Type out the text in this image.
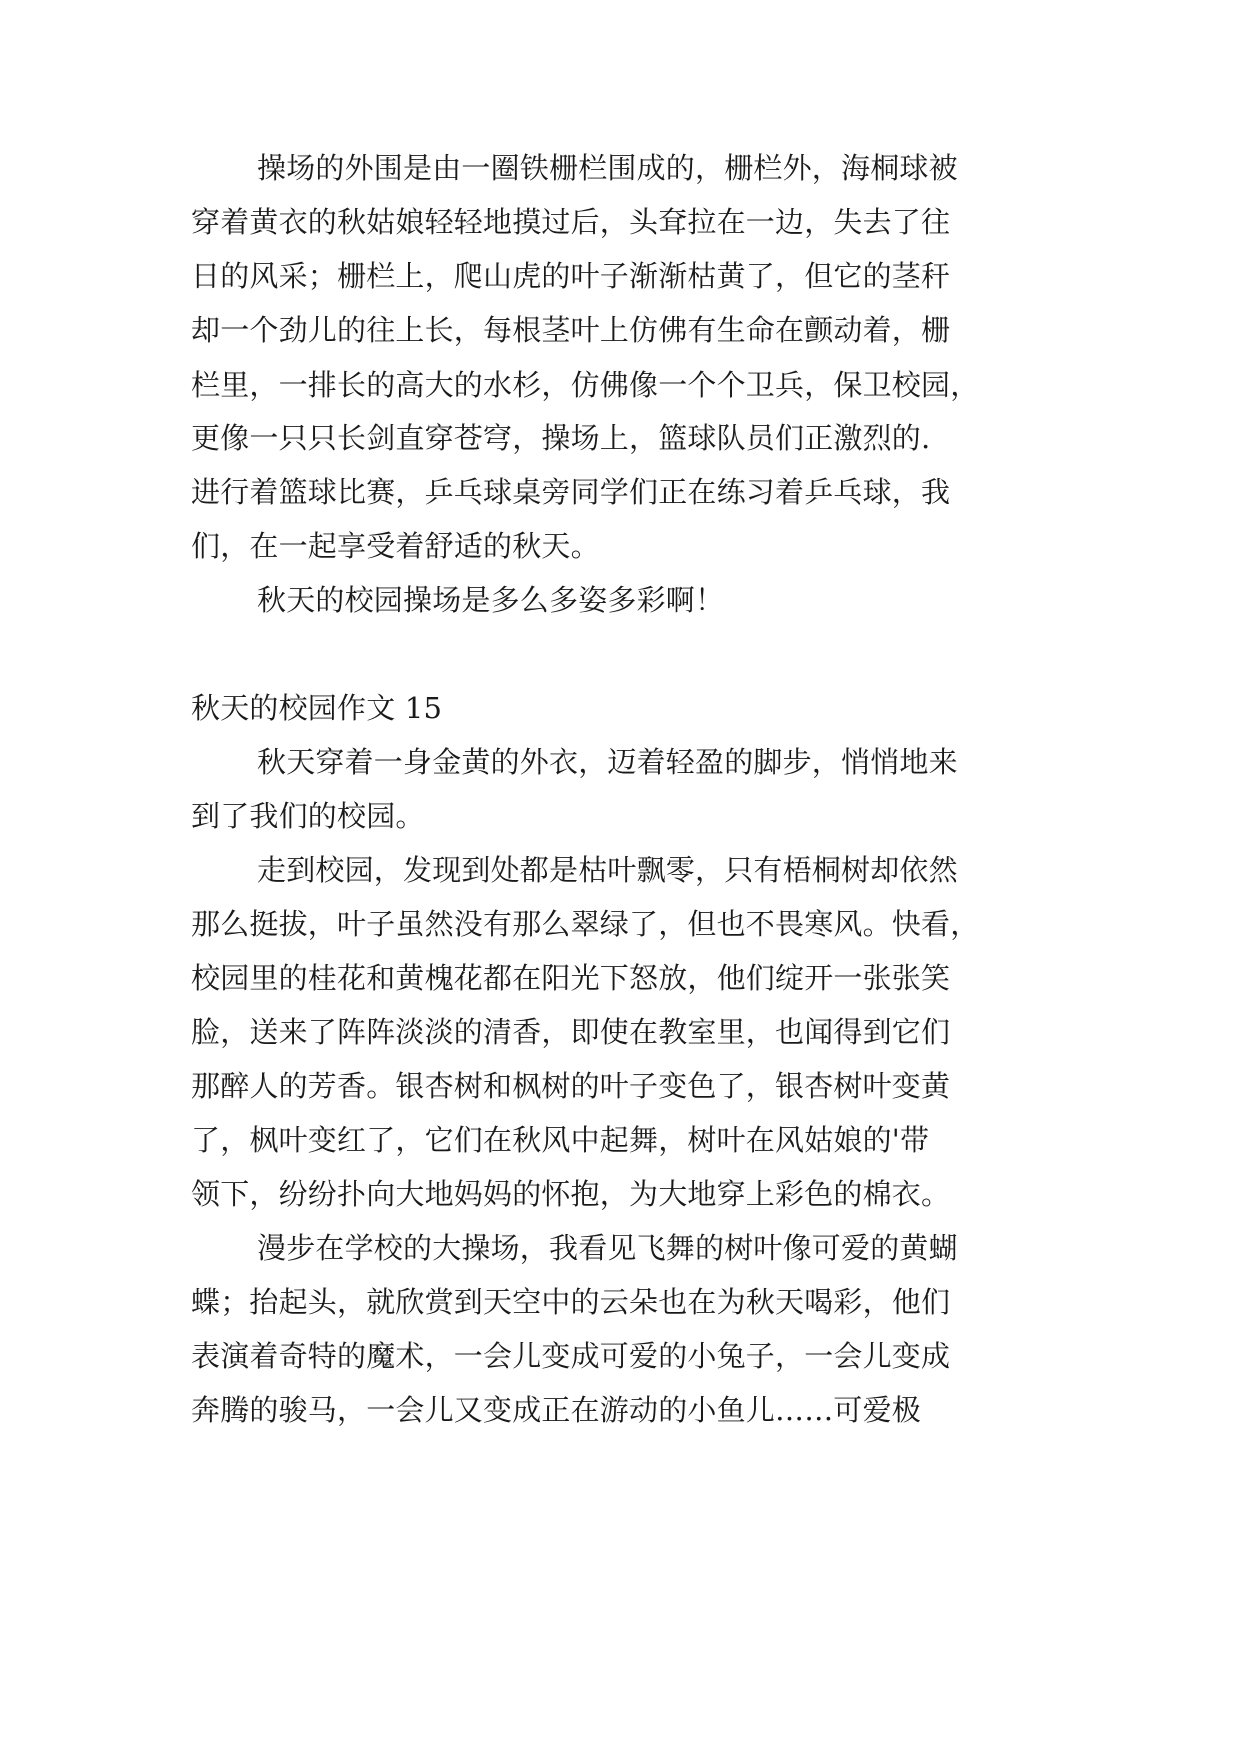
操场的外围是由一圈铁栅栏围成的，栅栏外，海桐球被
穿着黄衣的秋姑娘轻轻地摸过后，头耷拉在一边，失去了往
日的风采；栅栏上，爬山虎的叶子渐渐枯黄了，但它的茎秆
却一个劲儿的往上长，每根茎叶上仿佛有生命在颤动着，栅
栏里，一排长的高大的水杉，仿佛像一个个卫兵，保卫校园，
更像一只只长剑直穿苍穹，操场上，篮球队员们正激烈的.
进行着篮球比赛，乒乓球桌旁同学们正在练习着乒乓球，我
们，在一起享受着舒适的秋天。
秋天的校园操场是多么多姿多彩啊！
秋天的校园作文 15
秋天穿着一身金黄的外衣，迈着轻盈的脚步，悄悄地来
到了我们的校园。
走到校园，发现到处都是枯叶飘零，只有梧桐树却依然
那么挺拔，叶子虽然没有那么翠绿了，但也不畏寒风。快看，
校园里的桂花和黄槐花都在阳光下怒放，他们绽开一张张笑
脸，送来了阵阵淡淡的清香，即使在教室里，也闻得到它们
那醉人的芳香。银杏树和枫树的叶子变色了，银杏树叶变黄
了，枫叶变红了，它们在秋风中起舞，树叶在风姑娘的'带
领下，纷纷扑向大地妈妈的怀抱，为大地穿上彩色的棉衣。
漫步在学校的大操场，我看见飞舞的树叶像可爱的黄蝴
蝶；抬起头，就欣赏到天空中的云朵也在为秋天喝彩，他们
表演着奇特的魔术，一会儿变成可爱的小兔子，一会儿变成
奔腾的骏马，一会儿又变成正在游动的小鱼儿……可爱极
